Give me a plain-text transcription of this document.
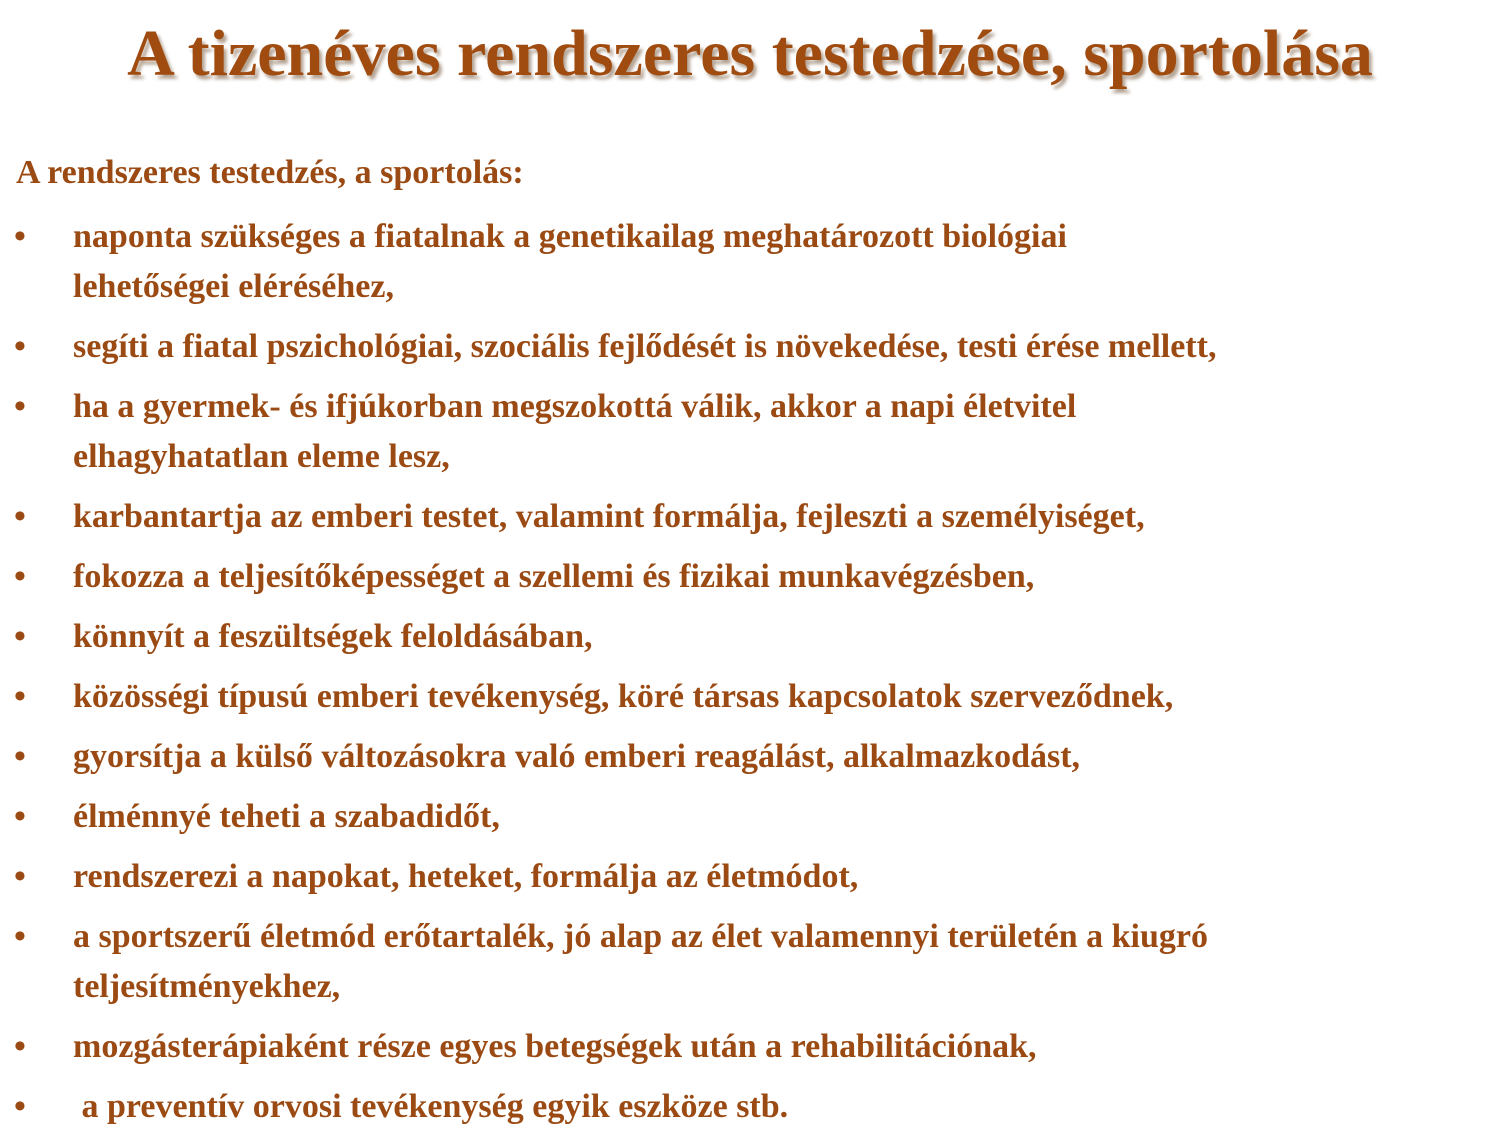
A tizenéves rendszeres testedzése, sportolása

A rendszeres testedzés, a sportolás:

•	naponta szükséges a fiatalnak a genetikailag meghatározott biológiai
lehetőségei eléréséhez,
•	segíti a fiatal pszichológiai, szociális fejlődését is növekedése, testi érése mellett,
•	ha a gyermek- és ifjúkorban megszokottá válik, akkor a napi életvitel
elhagyhatatlan eleme lesz,
•	karbantartja az emberi testet, valamint formálja, fejleszti a személyiséget,
•	fokozza a teljesítőképességet a szellemi és fizikai munkavégzésben,
•	könnyít a feszültségek feloldásában,
•	közösségi típusú emberi tevékenység, köré társas kapcsolatok szerveződnek,
•	gyorsítja a külső változásokra való emberi reagálást, alkalmazkodást,
•	élménnyé teheti a szabadidőt,
•	rendszerezi a napokat, heteket, formálja az életmódot,
•	a sportszerű életmód erőtartalék, jó alap az élet valamennyi területén a kiugró
teljesítményekhez,
•	mozgásterápiaként része egyes betegségek után a rehabilitációnak,
•	a preventív orvosi tevékenység egyik eszköze stb.
